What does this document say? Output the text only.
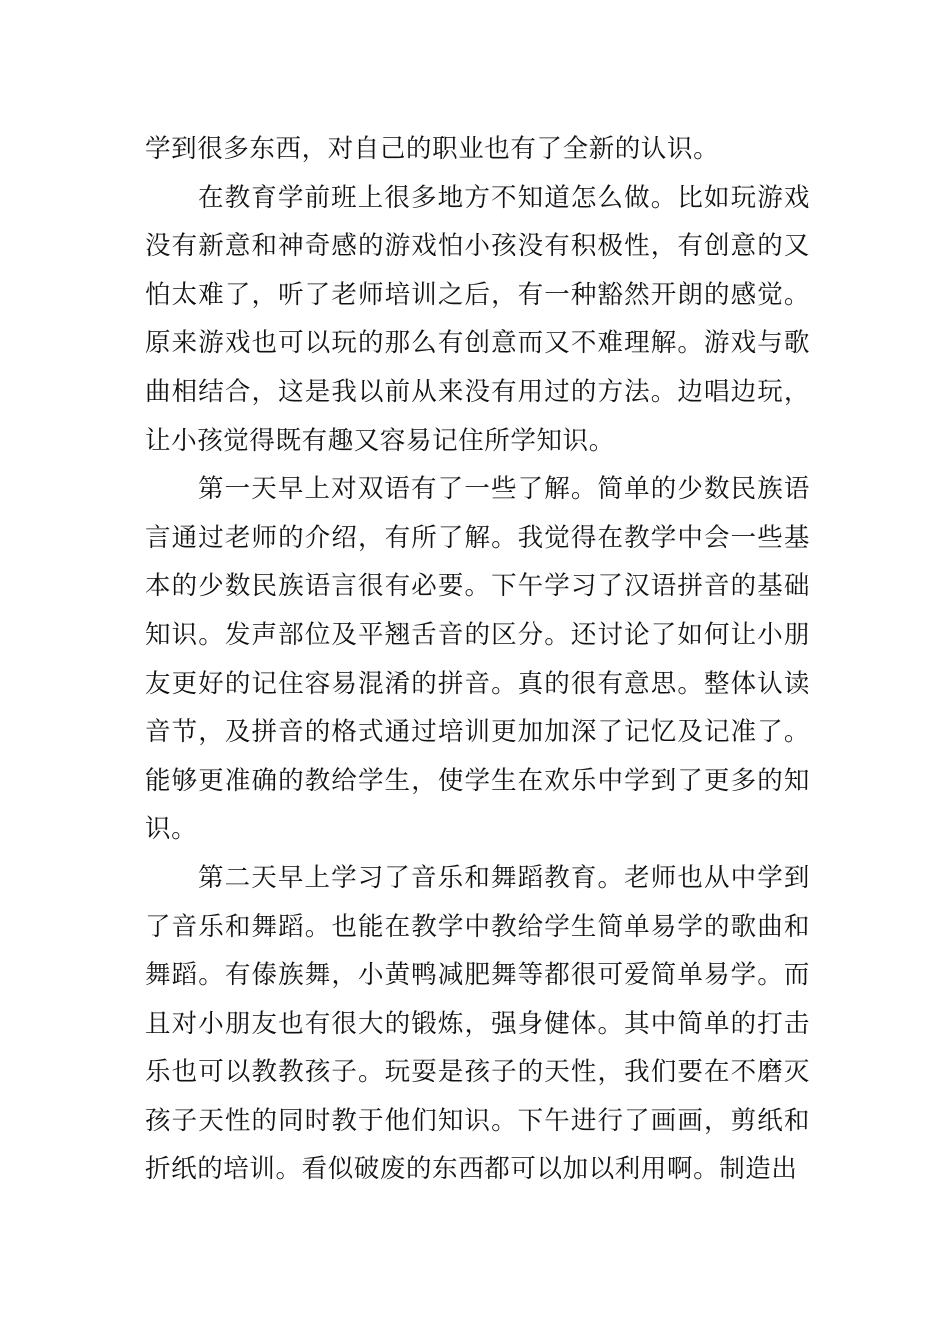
学到很多东西，对自己的职业也有了全新的认识。

在教育学前班上很多地方不知道怎么做。比如玩游戏没有新意和神奇感的游戏怕小孩没有积极性，有创意的又怕太难了，听了老师培训之后，有一种豁然开朗的感觉。原来游戏也可以玩的那么有创意而又不难理解。游戏与歌曲相结合，这是我以前从来没有用过的方法。边唱边玩，让小孩觉得既有趣又容易记住所学知识。

第一天早上对双语有了一些了解。简单的少数民族语言通过老师的介绍，有所了解。我觉得在教学中会一些基本的少数民族语言很有必要。下午学习了汉语拼音的基础知识。发声部位及平翘舌音的区分。还讨论了如何让小朋友更好的记住容易混淆的拼音。真的很有意思。整体认读音节，及拼音的格式通过培训更加加深了记忆及记准了。能够更准确的教给学生，使学生在欢乐中学到了更多的知识。

第二天早上学习了音乐和舞蹈教育。老师也从中学到了音乐和舞蹈。也能在教学中教给学生简单易学的歌曲和舞蹈。有傣族舞，小黄鸭减肥舞等都很可爱简单易学。而且对小朋友也有很大的锻炼，强身健体。其中简单的打击乐也可以教教孩子。玩耍是孩子的天性，我们要在不磨灭孩子天性的同时教于他们知识。下午进行了画画，剪纸和折纸的培训。看似破废的东西都可以加以利用啊。制造出
